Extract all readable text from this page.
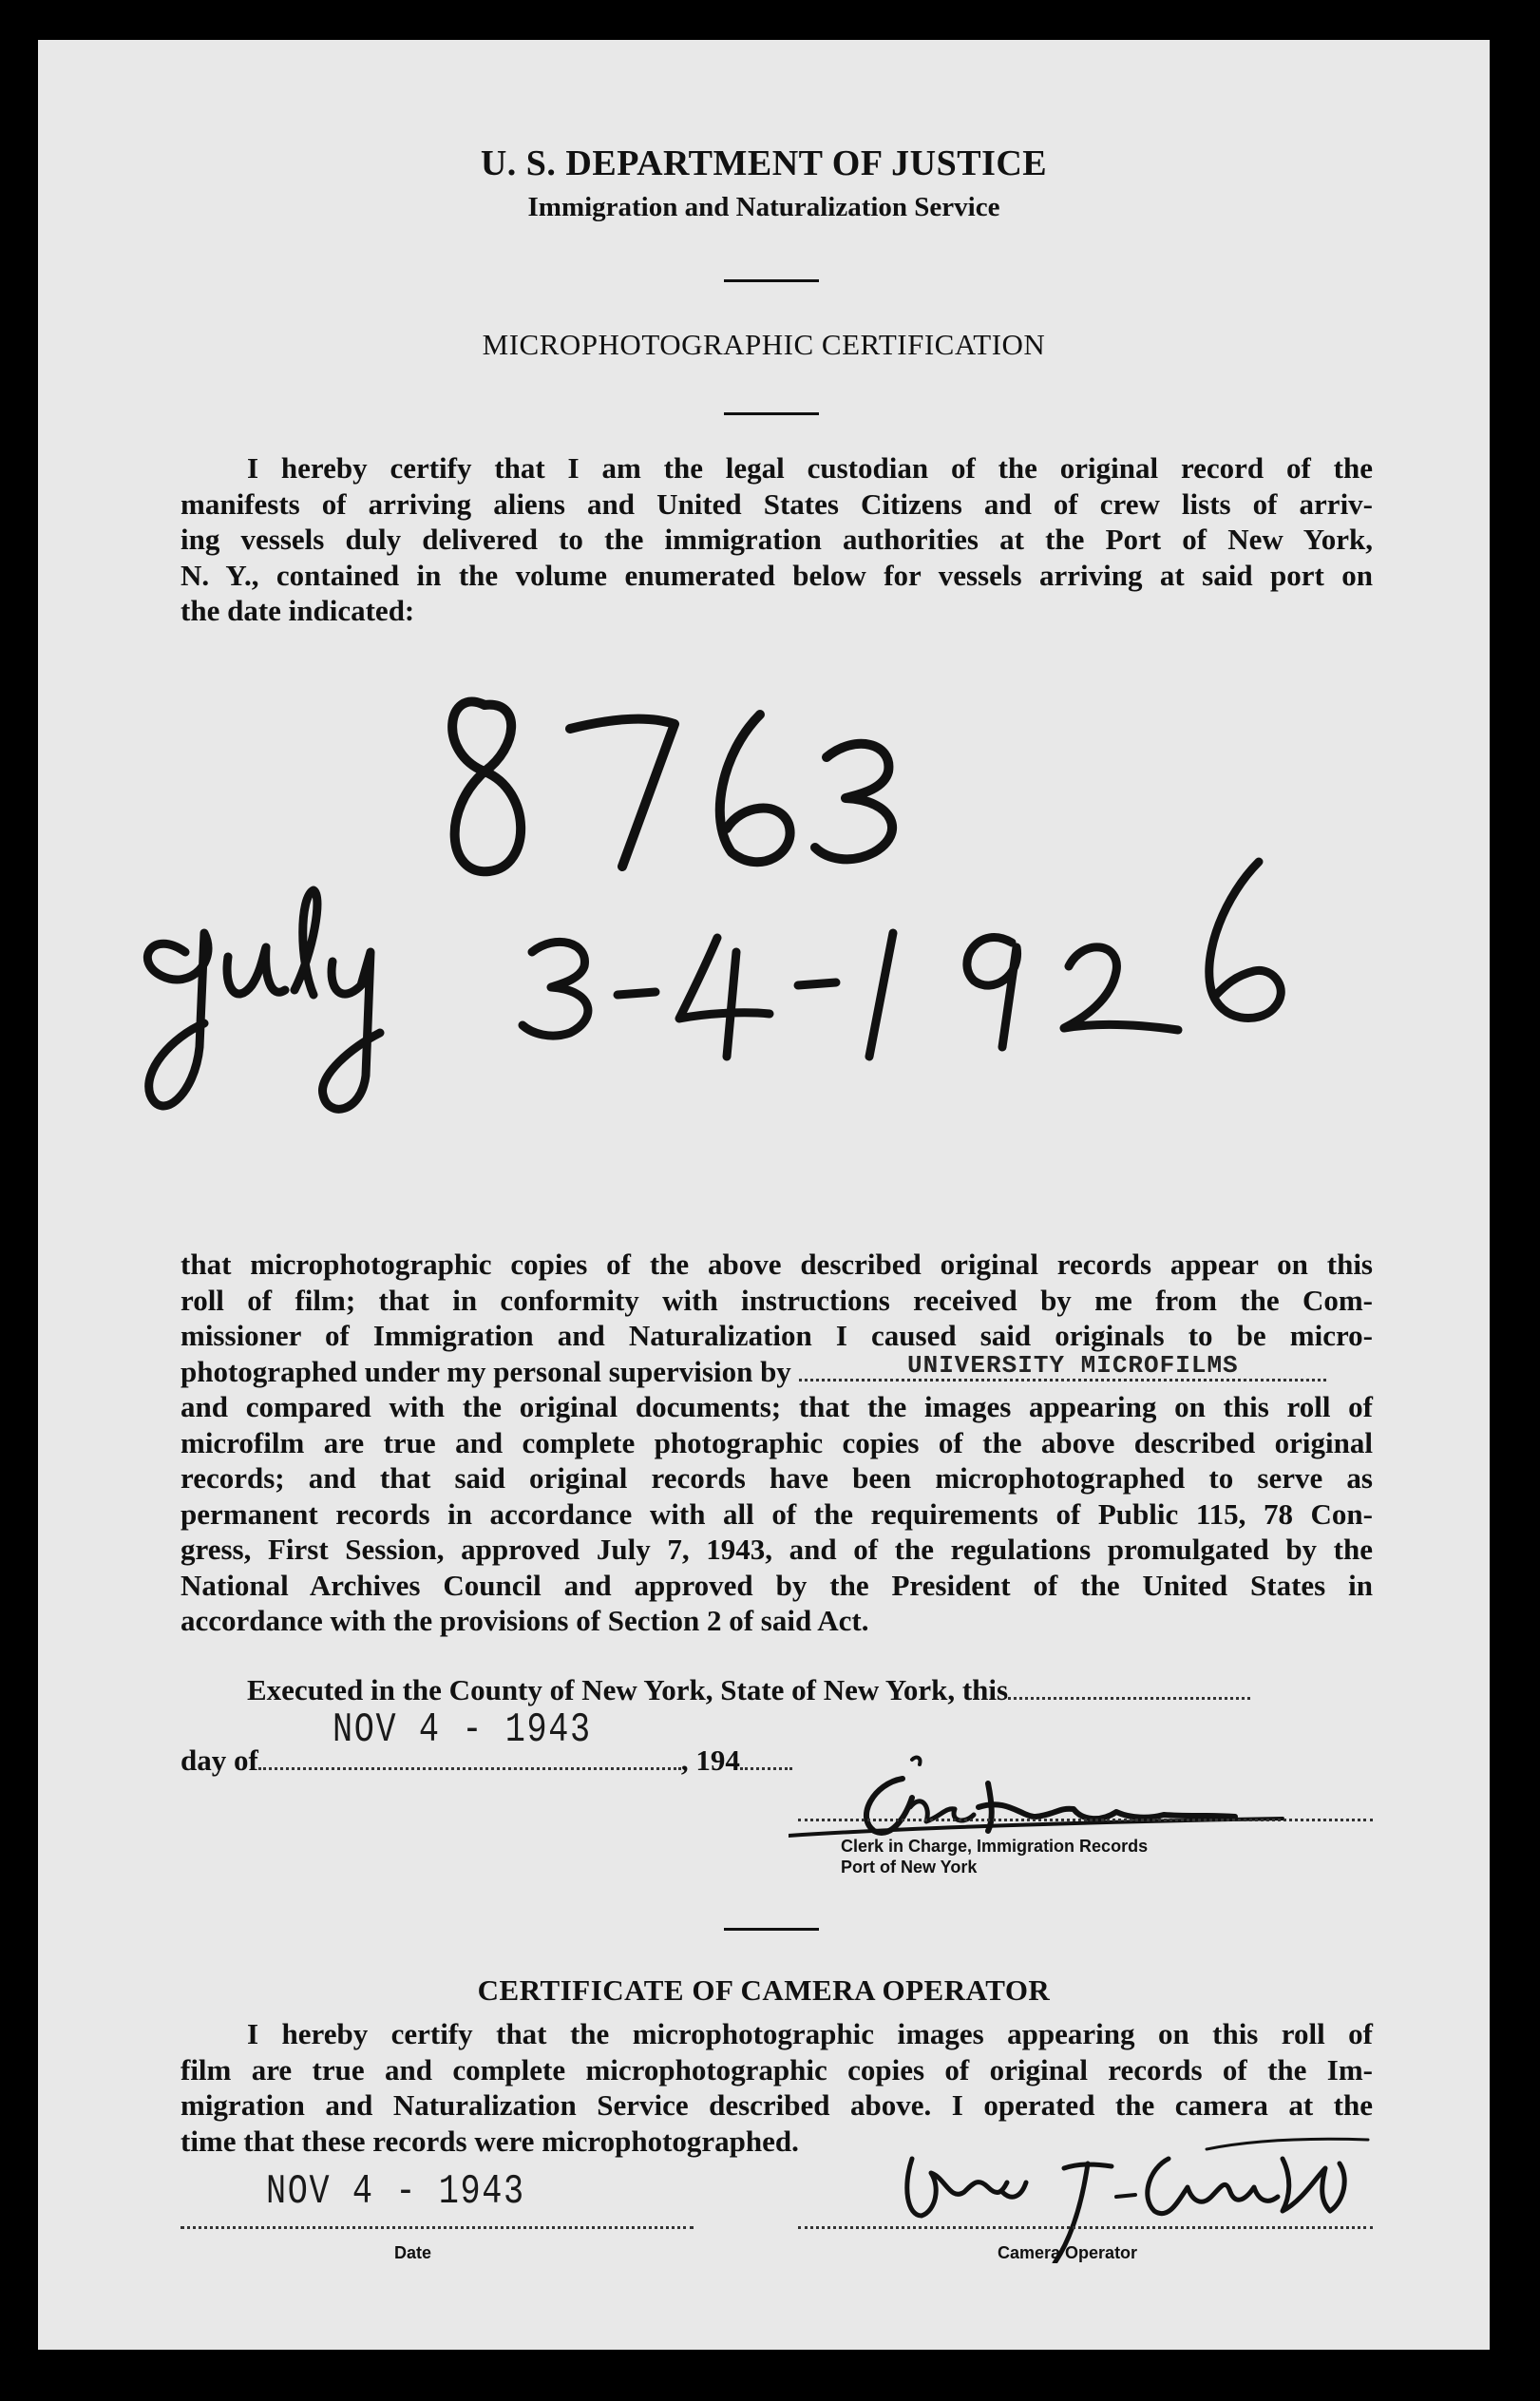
U. S. DEPARTMENT OF JUSTICE
Immigration and Naturalization Service
MICROPHOTOGRAPHIC CERTIFICATION
I hereby certify that I am the legal custodian of the original record of the
manifests of arriving aliens and United States Citizens and of crew lists of arriv-
ing vessels duly delivered to the immigration authorities at the Port of New York,
N. Y., contained in the volume enumerated below for vessels arriving at said port on
the date indicated:
that microphotographic copies of the above described original records appear on this
roll of film; that in conformity with instructions received by me from the Com-
missioner of Immigration and Naturalization I caused said originals to be micro-
photographed under my personal supervision by	UNIVERSITY MICROFILMS
and compared with the original documents; that the images appearing on this roll of
microfilm are true and complete photographic copies of the above described original
records; and that said original records have been microphotographed to serve as
permanent records in accordance with all of the requirements of Public 115, 78 Con-
gress, First Session, approved July 7, 1943, and of the regulations promulgated by the
National Archives Council and approved by the President of the United States in
accordance with the provisions of Section 2 of said Act.
Executed in the County of New York, State of New York, this
day of	, 194
NOV 4 - 1943
Clerk in Charge, Immigration Records
Port of New York
CERTIFICATE OF CAMERA OPERATOR
I hereby certify that the microphotographic images appearing on this roll of
film are true and complete microphotographic copies of original records of the Im-
migration and Naturalization Service described above. I operated the camera at the
time that these records were microphotographed.
NOV 4 - 1943
Date	Camera Operator
